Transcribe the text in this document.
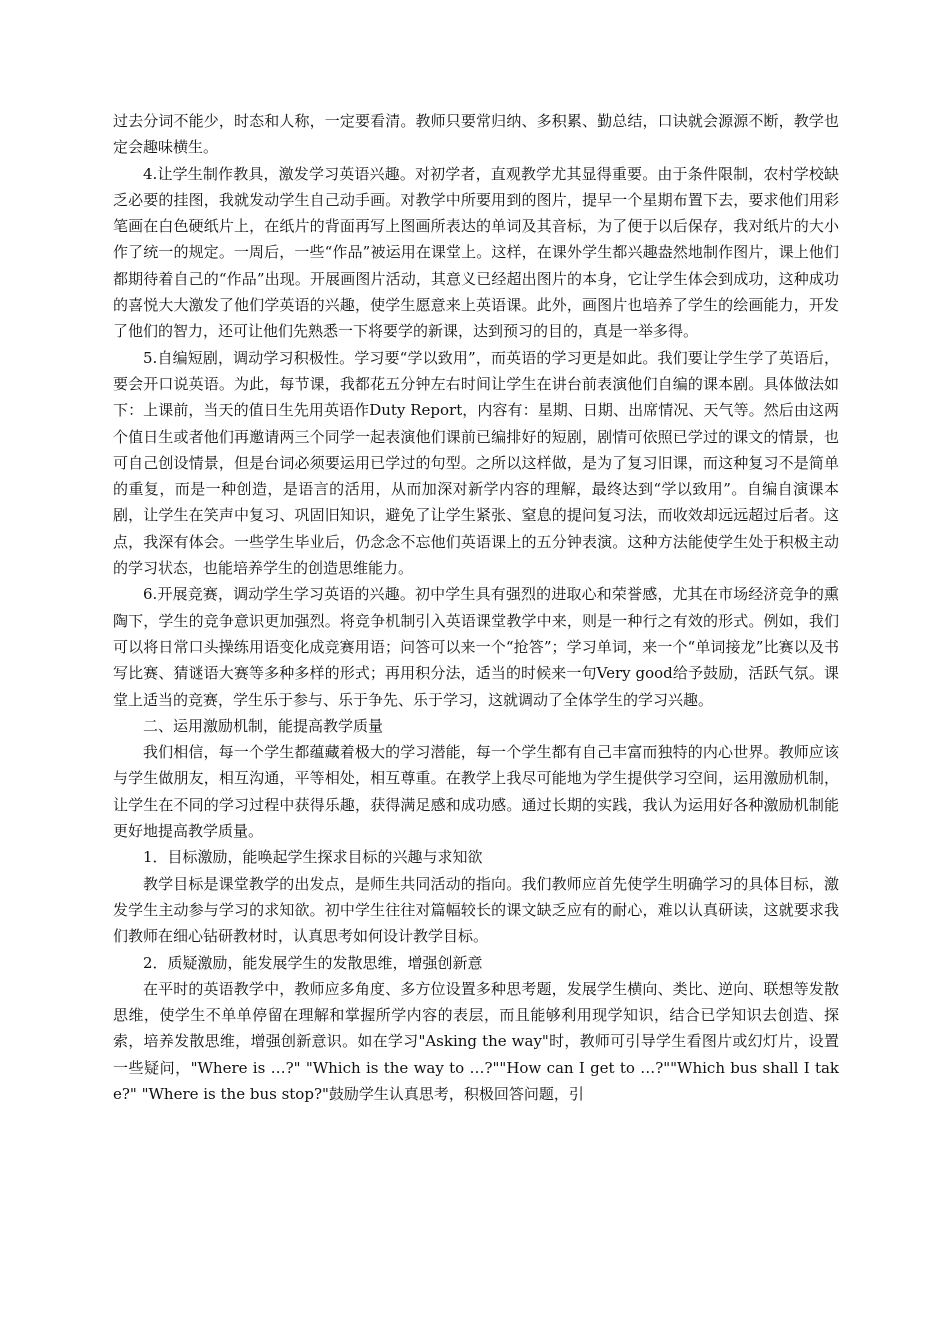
过去分词不能少，时态和人称，一定要看清。教师只要常归纳、多积累、勤总结，口诀就会源源不断，教学也定会趣味横生。

4.让学生制作教具，激发学习英语兴趣。对初学者，直观教学尤其显得重要。由于条件限制，农村学校缺乏必要的挂图，我就发动学生自己动手画。对教学中所要用到的图片，提早一个星期布置下去，要求他们用彩笔画在白色硬纸片上，在纸片的背面再写上图画所表达的单词及其音标，为了便于以后保存，我对纸片的大小作了统一的规定。一周后，一些“作品”被运用在课堂上。这样，在课外学生都兴趣盎然地制作图片，课上他们都期待着自己的“作品”出现。开展画图片活动，其意义已经超出图片的本身，它让学生体会到成功，这种成功的喜悦大大激发了他们学英语的兴趣，使学生愿意来上英语课。此外，画图片也培养了学生的绘画能力，开发了他们的智力，还可让他们先熟悉一下将要学的新课，达到预习的目的，真是一举多得。

5.自编短剧，调动学习积极性。学习要“学以致用”，而英语的学习更是如此。我们要让学生学了英语后，要会开口说英语。为此，每节课，我都花五分钟左右时间让学生在讲台前表演他们自编的课本剧。具体做法如下：上课前，当天的值日生先用英语作Duty Report，内容有：星期、日期、出席情况、天气等。然后由这两个值日生或者他们再邀请两三个同学一起表演他们课前已编排好的短剧，剧情可依照已学过的课文的情景，也可自己创设情景，但是台词必须要运用已学过的句型。之所以这样做，是为了复习旧课，而这种复习不是简单的重复，而是一种创造，是语言的活用，从而加深对新学内容的理解，最终达到“学以致用”。自编自演课本剧，让学生在笑声中复习、巩固旧知识，避免了让学生紧张、窒息的提问复习法，而收效却远远超过后者。这点，我深有体会。一些学生毕业后，仍念念不忘他们英语课上的五分钟表演。这种方法能使学生处于积极主动的学习状态，也能培养学生的创造思维能力。

6.开展竞赛，调动学生学习英语的兴趣。初中学生具有强烈的进取心和荣誉感，尤其在市场经济竞争的熏陶下，学生的竞争意识更加强烈。将竞争机制引入英语课堂教学中来，则是一种行之有效的形式。例如，我们可以将日常口头操练用语变化成竞赛用语；问答可以来一个“抢答”；学习单词，来一个“单词接龙”比赛以及书写比赛、猜谜语大赛等多种多样的形式；再用积分法，适当的时候来一句Very good给予鼓励，活跃气氛。课堂上适当的竞赛，学生乐于参与、乐于争先、乐于学习，这就调动了全体学生的学习兴趣。

二、运用激励机制，能提高教学质量

我们相信，每一个学生都蕴藏着极大的学习潜能，每一个学生都有自己丰富而独特的内心世界。教师应该与学生做朋友，相互沟通，平等相处，相互尊重。在教学上我尽可能地为学生提供学习空间，运用激励机制，让学生在不同的学习过程中获得乐趣，获得满足感和成功感。通过长期的实践，我认为运用好各种激励机制能更好地提高教学质量。

1．目标激励，能唤起学生探求目标的兴趣与求知欲

教学目标是课堂教学的出发点，是师生共同活动的指向。我们教师应首先使学生明确学习的具体目标，激发学生主动参与学习的求知欲。初中学生往往对篇幅较长的课文缺乏应有的耐心，难以认真研读，这就要求我们教师在细心钻研教材时，认真思考如何设计教学目标。

2．质疑激励，能发展学生的发散思维，增强创新意

在平时的英语教学中，教师应多角度、多方位设置多种思考题，发展学生横向、类比、逆向、联想等发散思维，使学生不单单停留在理解和掌握所学内容的表层，而且能够利用现学知识，结合已学知识去创造、探索，培养发散思维，增强创新意识。如在学习"Asking the way"时，教师可引导学生看图片或幻灯片，设置一些疑问，"Where is …?" "Which is the way to …?""How can I get to …?""Which bus shall I take?" "Where is the bus stop?"鼓励学生认真思考，积极回答问题，引
